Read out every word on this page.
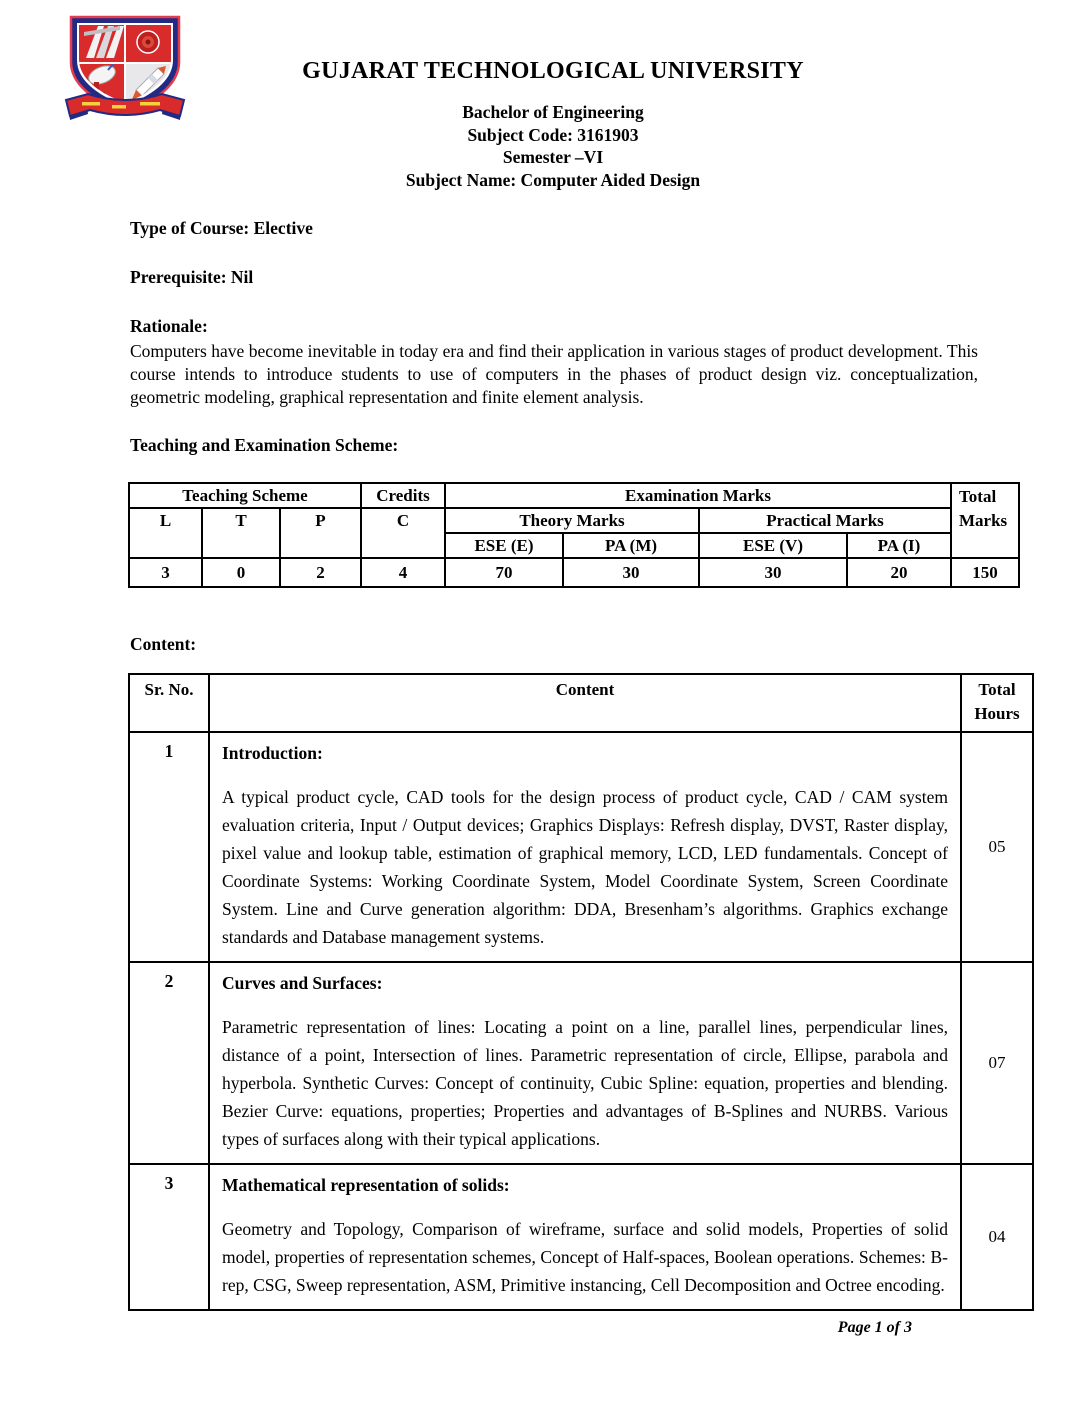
GUJARAT TECHNOLOGICAL UNIVERSITY
Bachelor of Engineering
Subject Code: 3161903
Semester –VI
Subject Name: Computer Aided Design

Type of Course: Elective

Prerequisite: Nil

Rationale:

Computers have become inevitable in today era and find their application in various stages of product development. This course intends to introduce students to use of computers in the phases of product design viz. conceptualization, geometric modeling, graphical representation and finite element analysis.

Teaching and Examination Scheme:

Teaching Scheme			Credits	Examination Marks				Total Marks
L	T	P	C	Theory Marks		Practical Marks		
				ESE (E)	PA (M)	ESE (V)	PA (I)	
3	0	2	4	70	30	30	20	150

Content:

Sr. No.	Content	Total Hours
1	Introduction:

A typical product cycle, CAD tools for the design process of product cycle, CAD / CAM system evaluation criteria, Input / Output devices; Graphics Displays: Refresh display, DVST, Raster display, pixel value and lookup table, estimation of graphical memory, LCD, LED fundamentals. Concept of Coordinate Systems: Working Coordinate System, Model Coordinate System, Screen Coordinate System. Line and Curve generation algorithm: DDA, Bresenham’s algorithms. Graphics exchange standards and Database management systems.	05
2	Curves and Surfaces:

Parametric representation of lines: Locating a point on a line, parallel lines, perpendicular lines, distance of a point, Intersection of lines. Parametric representation of circle, Ellipse, parabola and hyperbola. Synthetic Curves: Concept of continuity, Cubic Spline: equation, properties and blending. Bezier Curve: equations, properties; Properties and advantages of B-Splines and NURBS. Various types of surfaces along with their typical applications.	07
3	Mathematical representation of solids:

Geometry and Topology, Comparison of wireframe, surface and solid models, Properties of solid model, properties of representation schemes, Concept of Half-spaces, Boolean operations. Schemes: B-rep, CSG, Sweep representation, ASM, Primitive instancing, Cell Decomposition and Octree encoding.	04
Page 1 of 3
